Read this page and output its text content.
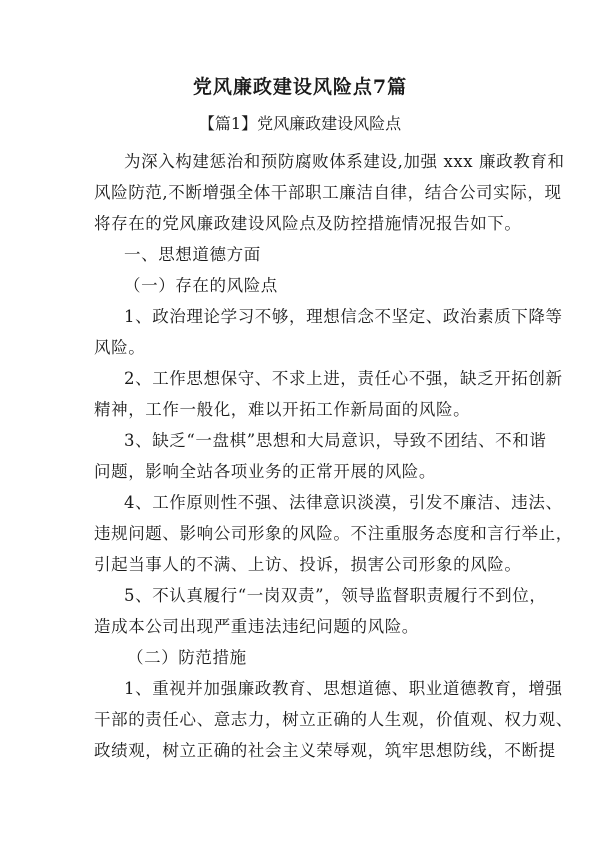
党风廉政建设风险点7篇
【篇1】党风廉政建设风险点
为深入构建惩治和预防腐败体系建设,加强 xxx 廉政教育和
风险防范,不断增强全体干部职工廉洁自律，结合公司实际，现
将存在的党风廉政建设风险点及防控措施情况报告如下。
一、思想道德方面
（一）存在的风险点
1、政治理论学习不够，理想信念不坚定、政治素质下降等
风险。
2、工作思想保守、不求上进，责任心不强，缺乏开拓创新
精神，工作一般化，难以开拓工作新局面的风险。
3、缺乏“一盘棋”思想和大局意识，导致不团结、不和谐
问题，影响全站各项业务的正常开展的风险。
4、工作原则性不强、法律意识淡漠，引发不廉洁、违法、
违规问题、影响公司形象的风险。不注重服务态度和言行举止，
引起当事人的不满、上访、投诉，损害公司形象的风险。
5、不认真履行“一岗双责”，领导监督职责履行不到位，
造成本公司出现严重违法违纪问题的风险。
（二）防范措施
1、重视并加强廉政教育、思想道德、职业道德教育，增强
干部的责任心、意志力，树立正确的人生观，价值观、权力观、
政绩观，树立正确的社会主义荣辱观，筑牢思想防线，不断提
